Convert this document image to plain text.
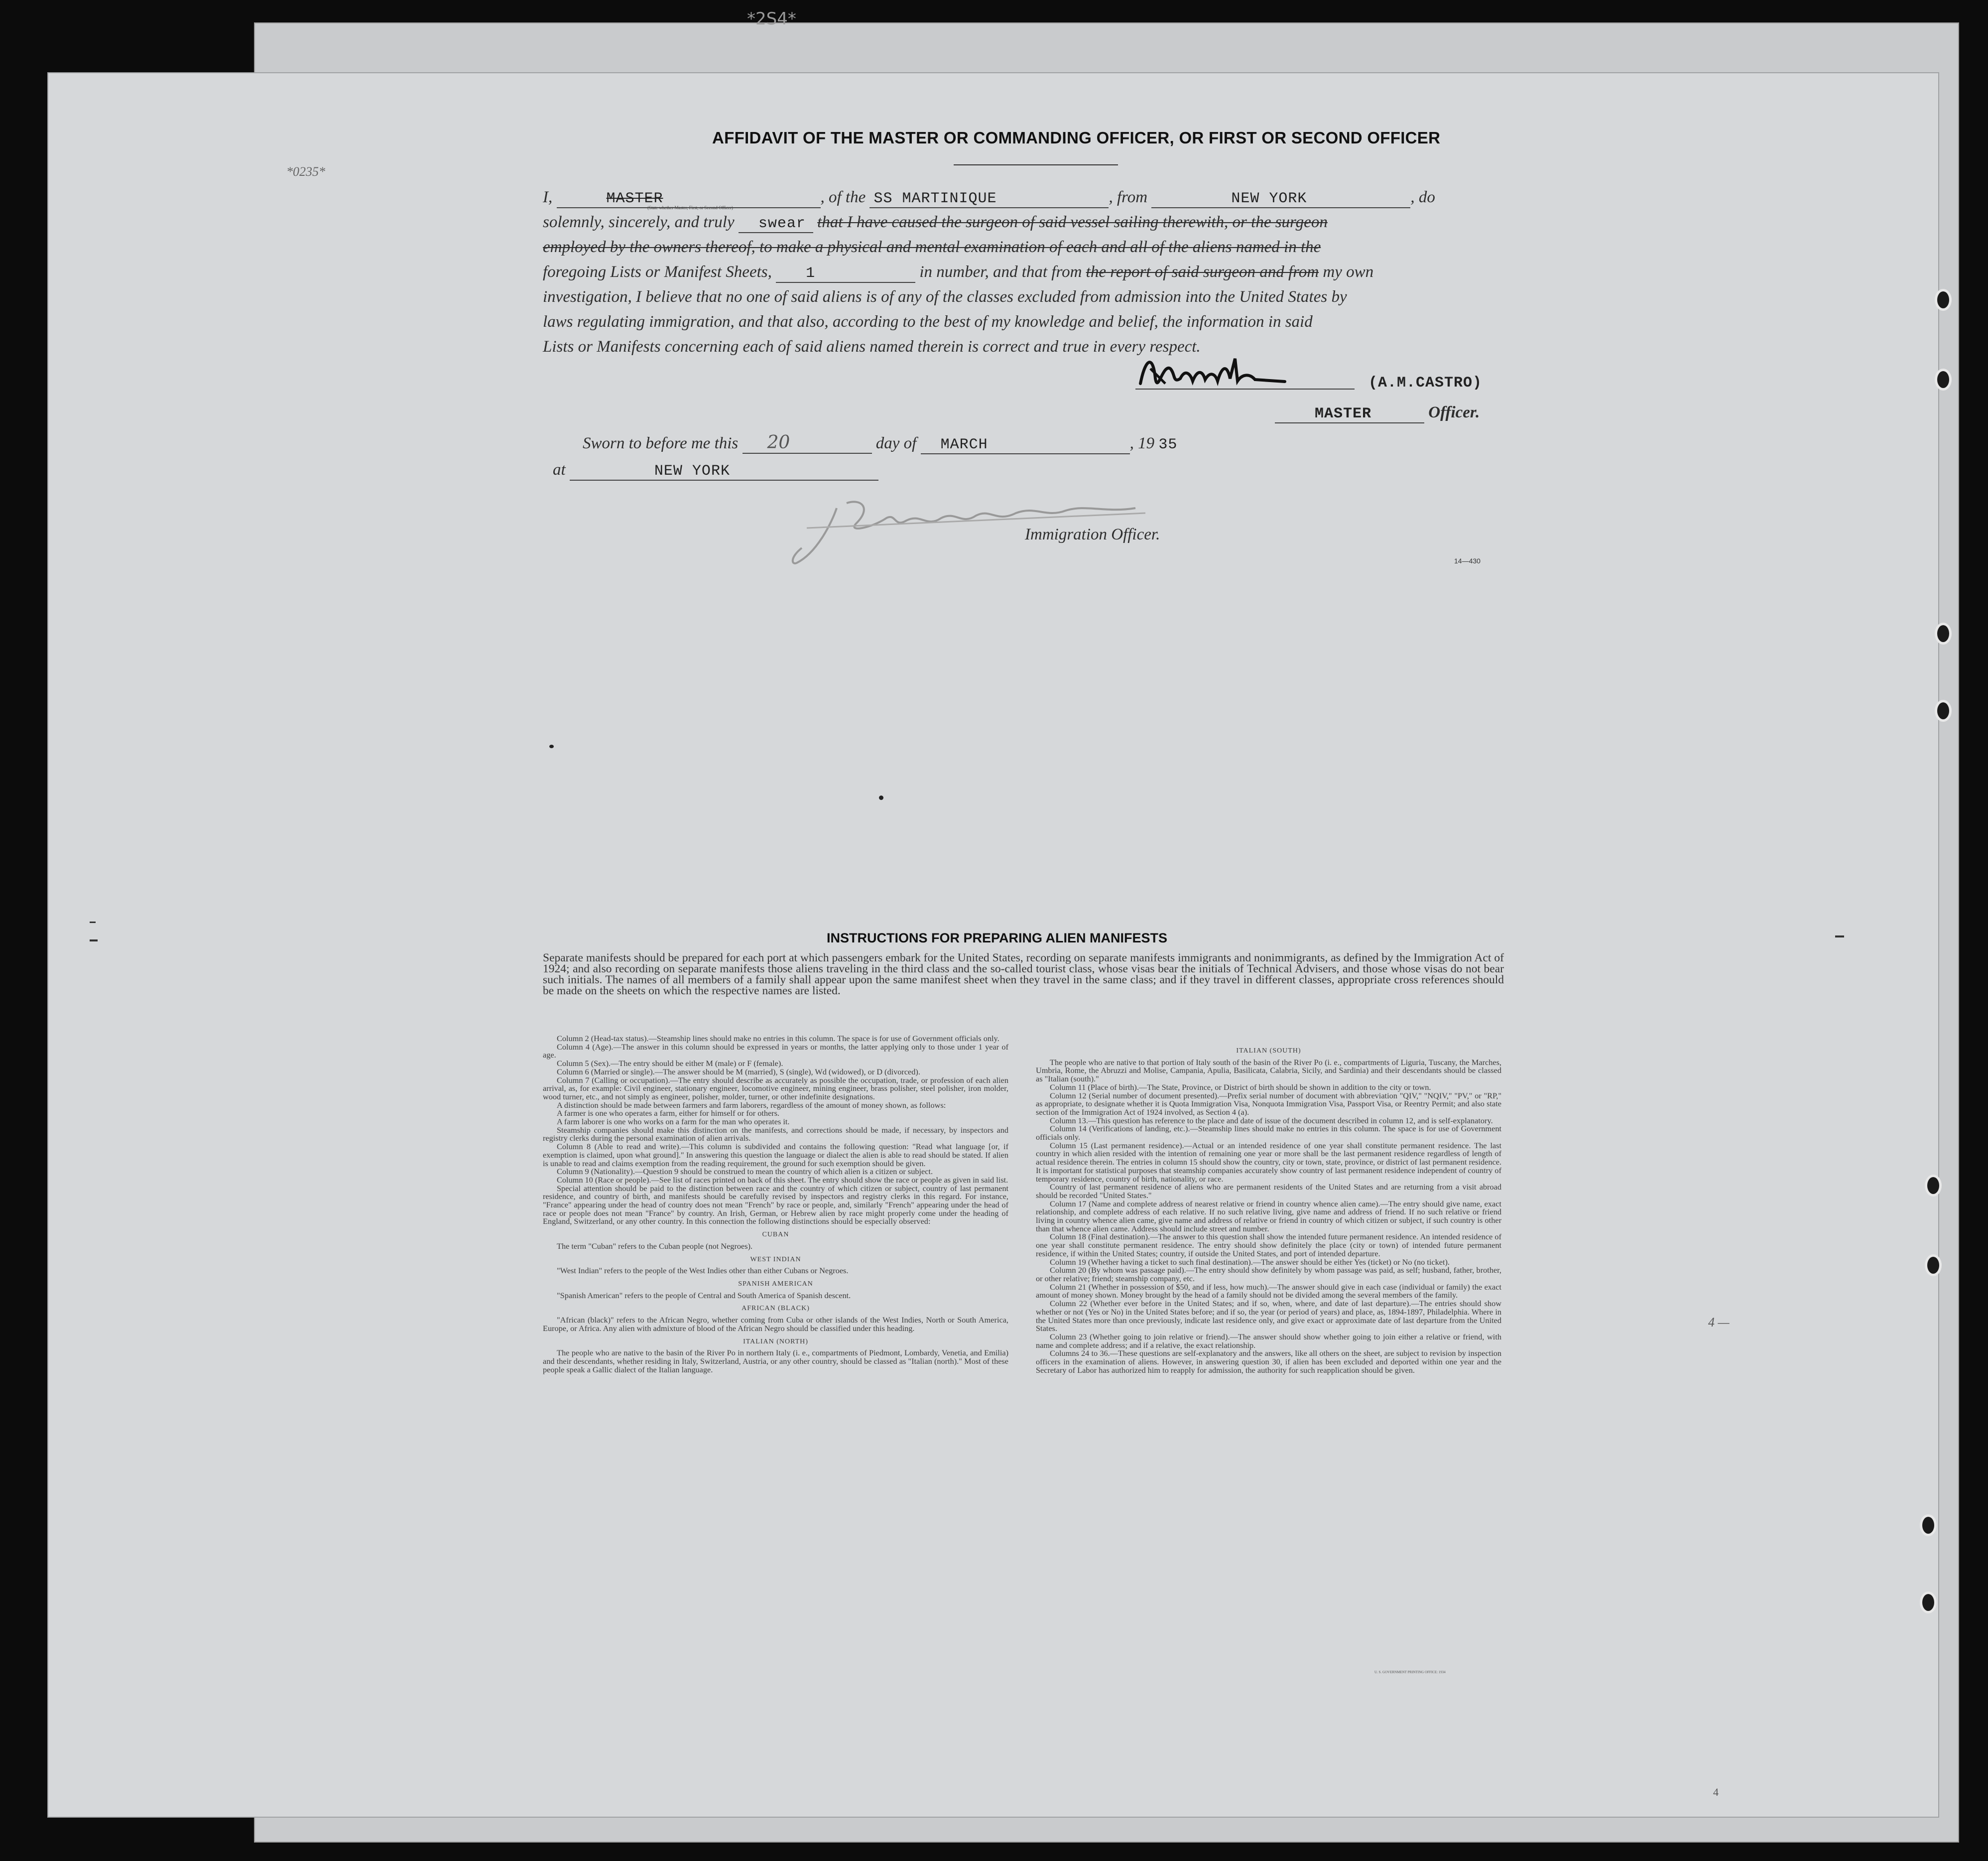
*2S4*
*0235*
AFFIDAVIT OF THE MASTER OR COMMANDING OFFICER, OR FIRST OR SECOND OFFICER
I,	MASTER	, of the SS MARTINIQUE	, from	NEW YORK	, do
(State whether Master, First, or Second Officer)
solemnly, sincerely, and truly swear that I have caused the surgeon of said vessel sailing therewith, or the surgeon
employed by the owners thereof, to make a physical and mental examination of each and all of the aliens named in the
foregoing Lists or Manifest Sheets, 1	in number, and that from the report of said surgeon and from my own
investigation, I believe that no one of said aliens is of any of the classes excluded from admission into the United States by
laws regulating immigration, and that also, according to the best of my knowledge and belief, the information in said
Lists or Manifests concerning each of said aliens named therein is correct and true in every respect.
(A.M.CASTRO)
MASTER	Officer.
Sworn to before me this 20	day of MARCH	, 19 35
at	NEW YORK
Immigration Officer.
14—430
INSTRUCTIONS FOR PREPARING ALIEN MANIFESTS
Separate manifests should be prepared for each port at which passengers embark for the United States, recording on separate manifests immigrants and nonimmigrants, as defined by the Immigration Act of 1924; and also recording on separate manifests those aliens traveling in the third class and the so-called tourist class, whose visas bear the initials of Technical Advisers, and those whose visas do not bear such initials. The names of all members of a family shall appear upon the same manifest sheet when they travel in the same class; and if they travel in different classes, appropriate cross references should be made on the sheets on which the respective names are listed.

Column 2 (Head-tax status).—Steamship lines should make no entries in this column. The space is for use of Government officials only.

Column 4 (Age).—The answer in this column should be expressed in years or months, the latter applying only to those under 1 year of age.

Column 5 (Sex).—The entry should be either M (male) or F (female).

Column 6 (Married or single).—The answer should be M (married), S (single), Wd (widowed), or D (divorced).

Column 7 (Calling or occupation).—The entry should describe as accurately as possible the occupation, trade, or profession of each alien arrival, as, for example: Civil engineer, stationary engineer, locomotive engineer, mining engineer, brass polisher, steel polisher, iron molder, wood turner, etc., and not simply as engineer, polisher, molder, turner, or other indefinite designations.

A distinction should be made between farmers and farm laborers, regardless of the amount of money shown, as follows:

A farmer is one who operates a farm, either for himself or for others.

A farm laborer is one who works on a farm for the man who operates it.

Steamship companies should make this distinction on the manifests, and corrections should be made, if necessary, by inspectors and registry clerks during the personal examination of alien arrivals.

Column 8 (Able to read and write).—This column is subdivided and contains the following question: "Read what language [or, if exemption is claimed, upon what ground]." In answering this question the language or dialect the alien is able to read should be stated. If alien is unable to read and claims exemption from the reading requirement, the ground for such exemption should be given.

Column 9 (Nationality).—Question 9 should be construed to mean the country of which alien is a citizen or subject.

Column 10 (Race or people).—See list of races printed on back of this sheet. The entry should show the race or people as given in said list.

Special attention should be paid to the distinction between race and the country of which citizen or subject, country of last permanent residence, and country of birth, and manifests should be carefully revised by inspectors and registry clerks in this regard. For instance, "France" appearing under the head of country does not mean "French" by race or people, and, similarly "French" appearing under the head of race or people does not mean "France" by country. An Irish, German, or Hebrew alien by race might properly come under the heading of England, Switzerland, or any other country. In this connection the following distinctions should be especially observed:

CUBAN

The term "Cuban" refers to the Cuban people (not Negroes).

WEST INDIAN

"West Indian" refers to the people of the West Indies other than either Cubans or Negroes.

SPANISH AMERICAN

"Spanish American" refers to the people of Central and South America of Spanish descent.

AFRICAN (BLACK)

"African (black)" refers to the African Negro, whether coming from Cuba or other islands of the West Indies, North or South America, Europe, or Africa. Any alien with admixture of blood of the African Negro should be classified under this heading.

ITALIAN (NORTH)

The people who are native to the basin of the River Po in northern Italy (i. e., compartments of Piedmont, Lombardy, Venetia, and Emilia) and their descendants, whether residing in Italy, Switzerland, Austria, or any other country, should be classed as "Italian (north)." Most of these people speak a Gallic dialect of the Italian language.

ITALIAN (SOUTH)

The people who are native to that portion of Italy south of the basin of the River Po (i. e., compartments of Liguria, Tuscany, the Marches, Umbria, Rome, the Abruzzi and Molise, Campania, Apulia, Basilicata, Calabria, Sicily, and Sardinia) and their descendants should be classed as "Italian (south)."

Column 11 (Place of birth).—The State, Province, or District of birth should be shown in addition to the city or town.

Column 12 (Serial number of document presented).—Prefix serial number of document with abbreviation "QIV," "NQIV," "PV," or "RP," as appropriate, to designate whether it is Quota Immigration Visa, Nonquota Immigration Visa, Passport Visa, or Reentry Permit; and also state section of the Immigration Act of 1924 involved, as Section 4 (a).

Column 13.—This question has reference to the place and date of issue of the document described in column 12, and is self-explanatory.

Column 14 (Verifications of landing, etc.).—Steamship lines should make no entries in this column. The space is for use of Government officials only.

Column 15 (Last permanent residence).—Actual or an intended residence of one year shall constitute permanent residence. The last country in which alien resided with the intention of remaining one year or more shall be the last permanent residence regardless of length of actual residence therein. The entries in column 15 should show the country, city or town, state, province, or district of last permanent residence. It is important for statistical purposes that steamship companies accurately show country of last permanent residence independent of country of temporary residence, country of birth, nationality, or race.

Country of last permanent residence of aliens who are permanent residents of the United States and are returning from a visit abroad should be recorded "United States."

Column 17 (Name and complete address of nearest relative or friend in country whence alien came).—The entry should give name, exact relationship, and complete address of each relative. If no such relative living, give name and address of friend. If no such relative or friend living in country whence alien came, give name and address of relative or friend in country of which citizen or subject, if such country is other than that whence alien came. Address should include street and number.

Column 18 (Final destination).—The answer to this question shall show the intended future permanent residence. An intended residence of one year shall constitute permanent residence. The entry should show definitely the place (city or town) of intended future permanent residence, if within the United States; country, if outside the United States, and port of intended departure.

Column 19 (Whether having a ticket to such final destination).—The answer should be either Yes (ticket) or No (no ticket).

Column 20 (By whom was passage paid).—The entry should show definitely by whom passage was paid, as self; husband, father, brother, or other relative; friend; steamship company, etc.

Column 21 (Whether in possession of $50, and if less, how much).—The answer should give in each case (individual or family) the exact amount of money shown. Money brought by the head of a family should not be divided among the several members of the family.

Column 22 (Whether ever before in the United States; and if so, when, where, and date of last departure).—The entries should show whether or not (Yes or No) in the United States before; and if so, the year (or period of years) and place, as, 1894-1897, Philadelphia. Where in the United States more than once previously, indicate last residence only, and give exact or approximate date of last departure from the United States.

Column 23 (Whether going to join relative or friend).—The answer should show whether going to join either a relative or friend, with name and complete address; and if a relative, the exact relationship.

Columns 24 to 36.—These questions are self-explanatory and the answers, like all others on the sheet, are subject to revision by inspection officers in the examination of aliens. However, in answering question 30, if alien has been excluded and deported within one year and the Secretary of Labor has authorized him to reapply for admission, the authority for such reapplication should be given.

U. S. GOVERNMENT PRINTING OFFICE: 1934
4 —
4
